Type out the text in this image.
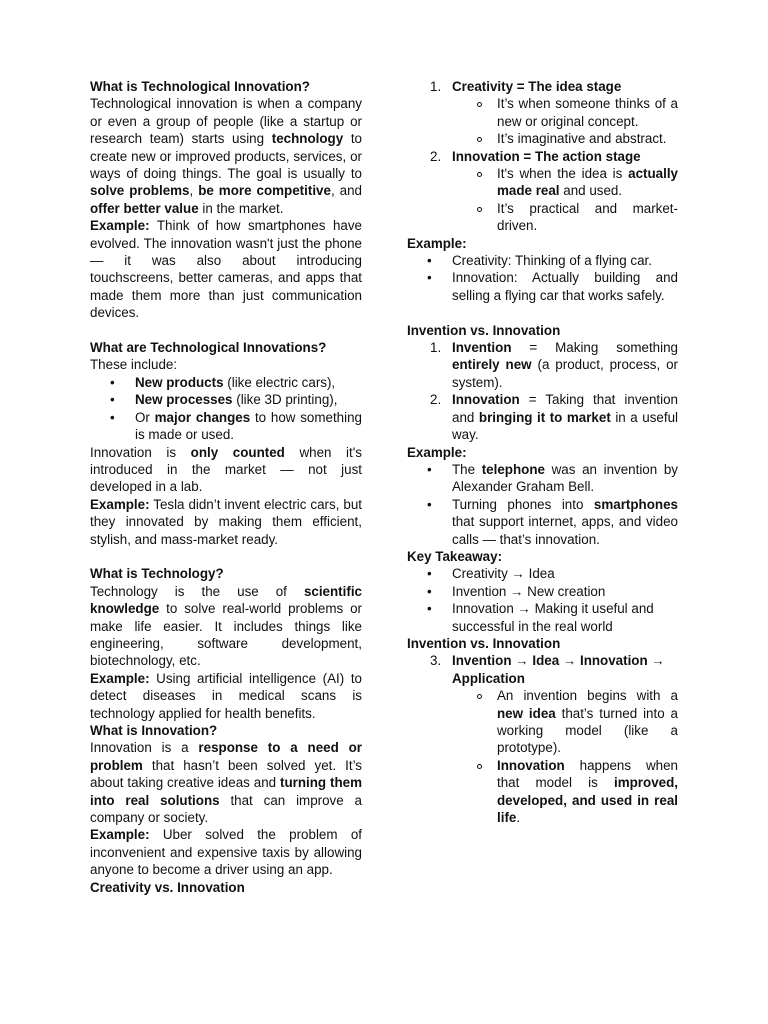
What is Technological Innovation?

Technological innovation is when a company or even a group of people (like a startup or research team) starts using technology to create new or improved products, services, or ways of doing things. The goal is usually to solve problems, be more competitive, and offer better value in the market.

Example: Think of how smartphones have evolved. The innovation wasn't just the phone — it was also about introducing touchscreens, better cameras, and apps that made them more than just communication devices.

What are Technological Innovations?

These include:

• New products (like electric cars),
• New processes (like 3D printing),
• Or major changes to how something is made or used.

Innovation is only counted when it's introduced in the market — not just developed in a lab.

Example: Tesla didn’t invent electric cars, but they innovated by making them efficient, stylish, and mass-market ready.

What is Technology?

Technology is the use of scientific knowledge to solve real-world problems or make life easier. It includes things like engineering, software development, biotechnology, etc.

Example: Using artificial intelligence (AI) to detect diseases in medical scans is technology applied for health benefits.

What is Innovation?

Innovation is a response to a need or problem that hasn’t been solved yet. It’s about taking creative ideas and turning them into real solutions that can improve a company or society.

Example: Uber solved the problem of inconvenient and expensive taxis by allowing anyone to become a driver using an app.

Creativity vs. Innovation

1. Creativity = The idea stage
It’s when someone thinks of a new or original concept.
It’s imaginative and abstract.
2. Innovation = The action stage
It's when the idea is actually made real and used.
It’s practical and market-driven.

Example:

• Creativity: Thinking of a flying car.
• Innovation: Actually building and selling a flying car that works safely.

Invention vs. Innovation

1. Invention = Making something entirely new (a product, process, or system).
2. Innovation = Taking that invention and bringing it to market in a useful way.

Example:

• The telephone was an invention by Alexander Graham Bell.
• Turning phones into smartphones that support internet, apps, and video calls — that’s innovation.

Key Takeaway:

• Creativity → Idea
• Invention → New creation
• Innovation → Making it useful and successful in the real world

Invention vs. Innovation

3. Invention → Idea → Innovation → Application
An invention begins with a new idea that’s turned into a working model (like a prototype).
Innovation happens when that model is improved, developed, and used in real life.
